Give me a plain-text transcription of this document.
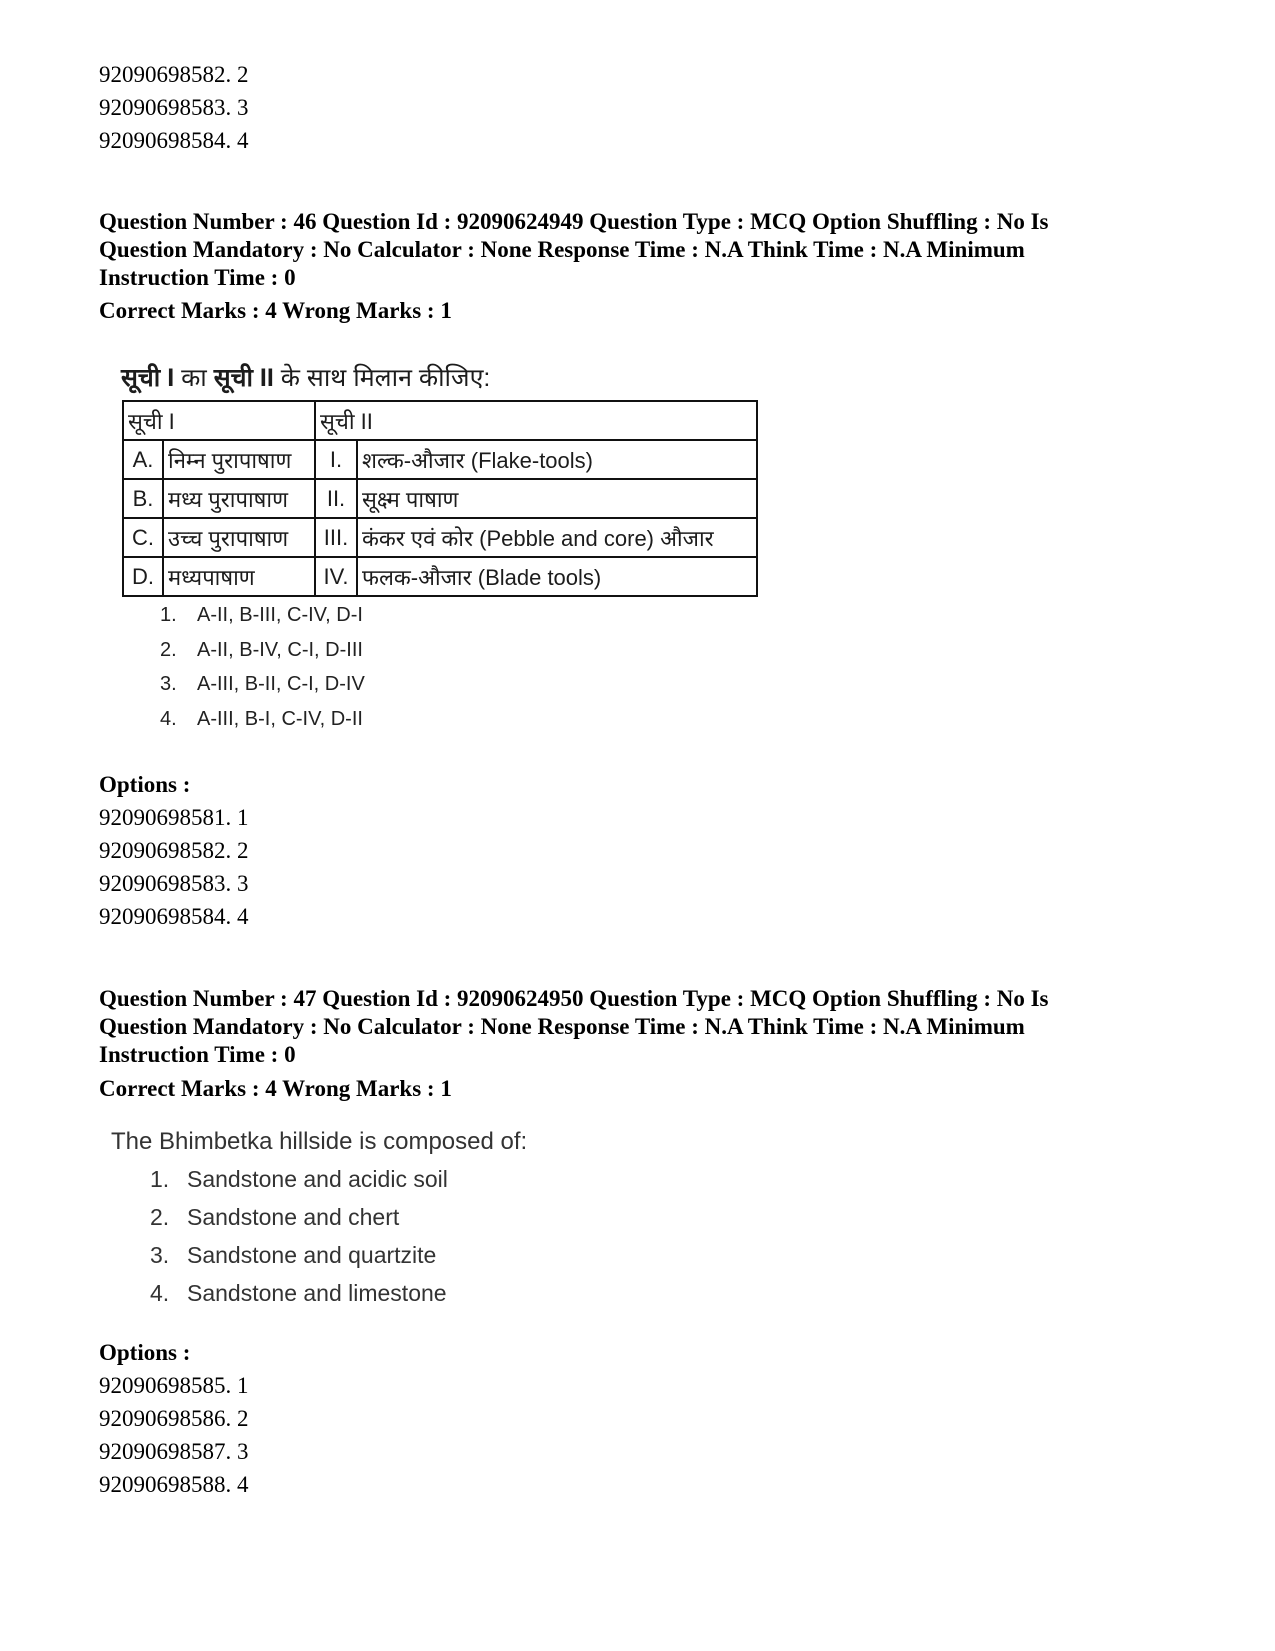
92090698582. 2
92090698583. 3
92090698584. 4
Question Number : 46 Question Id : 92090624949 Question Type : MCQ Option Shuffling : No Is
Question Mandatory : No Calculator : None Response Time : N.A Think Time : N.A Minimum
Instruction Time : 0
Correct Marks : 4 Wrong Marks : 1
सूची I का सूची II के साथ मिलान कीजिए:
सूची I		सूची II	
A.	निम्न पुरापाषाण	I.	शल्क-औजार (Flake-tools)
B.	मध्य पुरापाषाण	II.	सूक्ष्म पाषाण
C.	उच्च पुरापाषाण	III.	कंकर एवं कोर (Pebble and core) औजार
D.	मध्यपाषाण	IV.	फलक-औजार (Blade tools)
1. A-II, B-III, C-IV, D-I
2. A-II, B-IV, C-I, D-III
3. A-III, B-II, C-I, D-IV
4. A-III, B-I, C-IV, D-II
Options :
92090698581. 1
92090698582. 2
92090698583. 3
92090698584. 4
Question Number : 47 Question Id : 92090624950 Question Type : MCQ Option Shuffling : No Is
Question Mandatory : No Calculator : None Response Time : N.A Think Time : N.A Minimum
Instruction Time : 0
Correct Marks : 4 Wrong Marks : 1
The Bhimbetka hillside is composed of:
1. Sandstone and acidic soil
2. Sandstone and chert
3. Sandstone and quartzite
4. Sandstone and limestone
Options :
92090698585. 1
92090698586. 2
92090698587. 3
92090698588. 4
